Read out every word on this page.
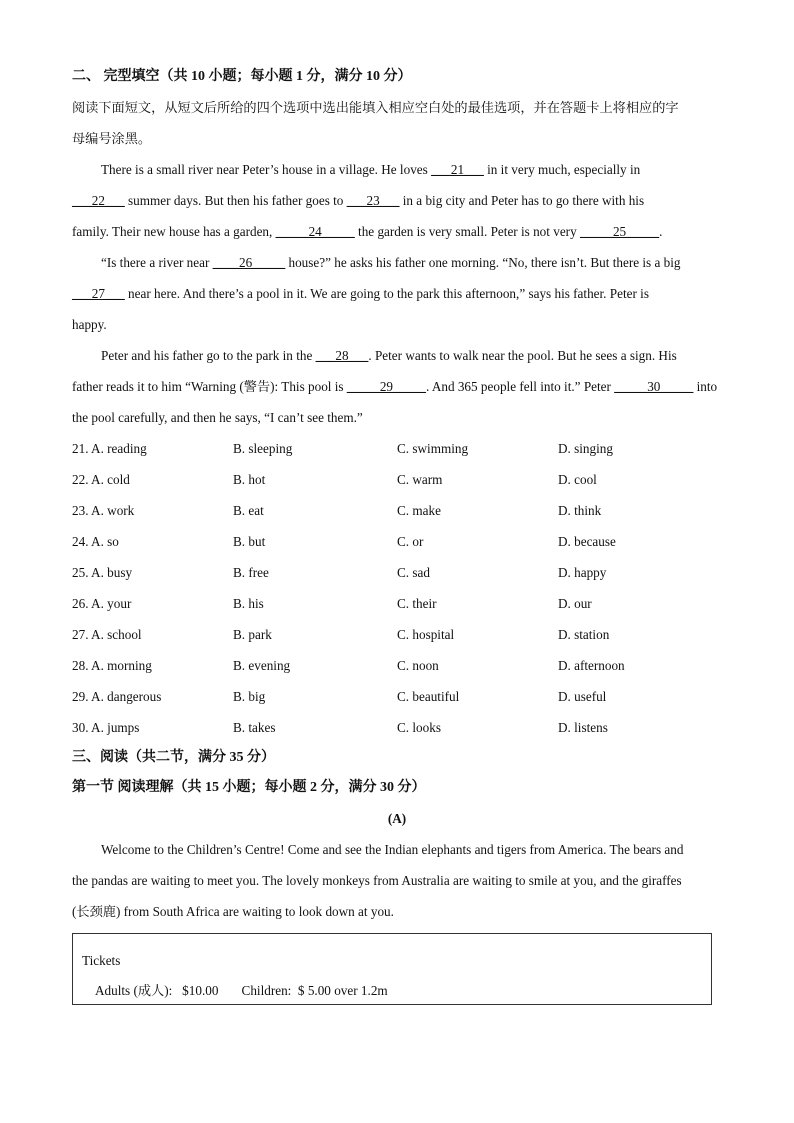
二、 完型填空（共 10 小题；每小题 1 分，满分 10 分）
阅读下面短文，从短文后所给的四个选项中选出能填入相应空白处的最佳选项，并在答题卡上将相应的字
母编号涂黑。
There is a small river near Peter’s house in a village. He loves ___21___ in it very much, especially in
___22___ summer days. But then his father goes to ___23___ in a big city and Peter has to go there with his
family. Their new house has a garden, _____24_____ the garden is very small. Peter is not very _____25_____.
“Is there a river near ____26_____ house?” he asks his father one morning. “No, there isn’t. But there is a big
___27___ near here. And there’s a pool in it. We are going to the park this afternoon,” says his father. Peter is
happy.
Peter and his father go to the park in the ___28___. Peter wants to walk near the pool. But he sees a sign. His
father reads it to him “Warning (警告): This pool is _____29_____. And 365 people fell into it.” Peter _____30_____ into
the pool carefully, and then he says, “I can’t see them.”
21. A. reading	B. sleeping	C. swimming	D. singing
22. A. cold	B. hot	C. warm	D. cool
23. A. work	B. eat	C. make	D. think
24. A. so	B. but	C. or	D. because
25. A. busy	B. free	C. sad	D. happy
26. A. your	B. his	C. their	D. our
27. A. school	B. park	C. hospital	D. station
28. A. morning	B. evening	C. noon	D. afternoon
29. A. dangerous	B. big	C. beautiful	D. useful
30. A. jumps	B. takes	C. looks	D. listens
三、阅读（共二节，满分 35 分）
第一节 阅读理解（共 15 小题；每小题 2 分，满分 30 分）
(A)
Welcome to the Children’s Centre! Come and see the Indian elephants and tigers from America. The bears and
the pandas are waiting to meet you. The lovely monkeys from Australia are waiting to smile at you, and the giraffes
(长颈鹿) from South Africa are waiting to look down at you.
Tickets
Adults (成人):   $10.00       Children:  $ 5.00 over 1.2m
